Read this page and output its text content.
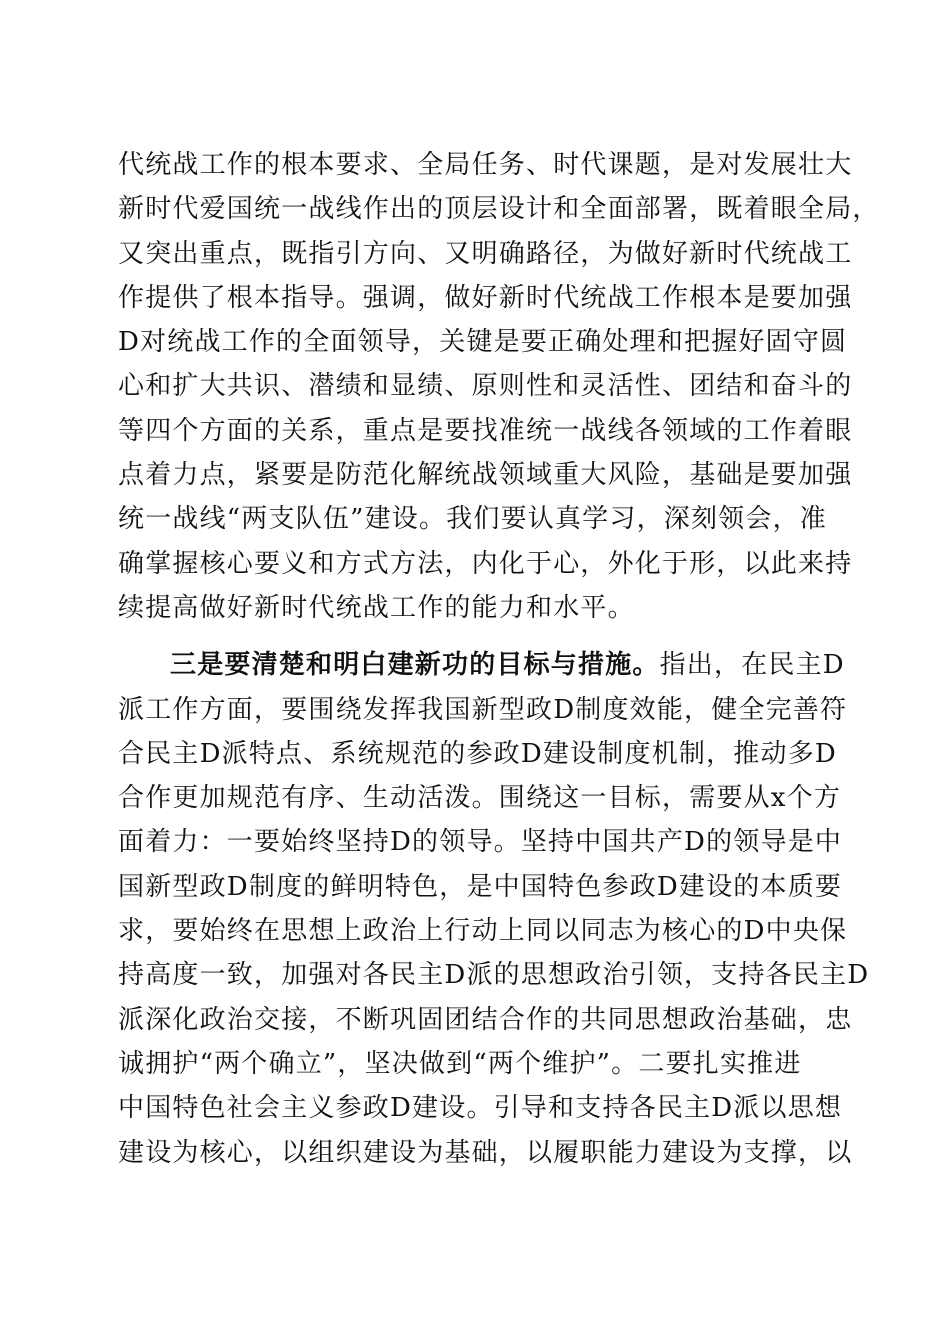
代统战工作的根本要求、全局任务、时代课题，是对发展壮大
新时代爱国统一战线作出的顶层设计和全面部署，既着眼全局，
又突出重点，既指引方向、又明确路径，为做好新时代统战工
作提供了根本指导。强调，做好新时代统战工作根本是要加强
D对统战工作的全面领导，关键是要正确处理和把握好固守圆
心和扩大共识、潜绩和显绩、原则性和灵活性、团结和奋斗的
等四个方面的关系，重点是要找准统一战线各领域的工作着眼
点着力点，紧要是防范化解统战领域重大风险，基础是要加强
统一战线“两支队伍”建设。我们要认真学习，深刻领会，准
确掌握核心要义和方式方法，内化于心，外化于形，以此来持
续提高做好新时代统战工作的能力和水平。
三是要清楚和明白建新功的目标与措施。指出，在民主D
派工作方面，要围绕发挥我国新型政D制度效能，健全完善符
合民主D派特点、系统规范的参政D建设制度机制，推动多D
合作更加规范有序、生动活泼。围绕这一目标，需要从x个方
面着力：一要始终坚持D的领导。坚持中国共产D的领导是中
国新型政D制度的鲜明特色，是中国特色参政D建设的本质要
求，要始终在思想上政治上行动上同以同志为核心的D中央保
持高度一致，加强对各民主D派的思想政治引领，支持各民主D
派深化政治交接，不断巩固团结合作的共同思想政治基础，忠
诚拥护“两个确立”，坚决做到“两个维护”。二要扎实推进
中国特色社会主义参政D建设。引导和支持各民主D派以思想
建设为核心，以组织建设为基础，以履职能力建设为支撑，以
